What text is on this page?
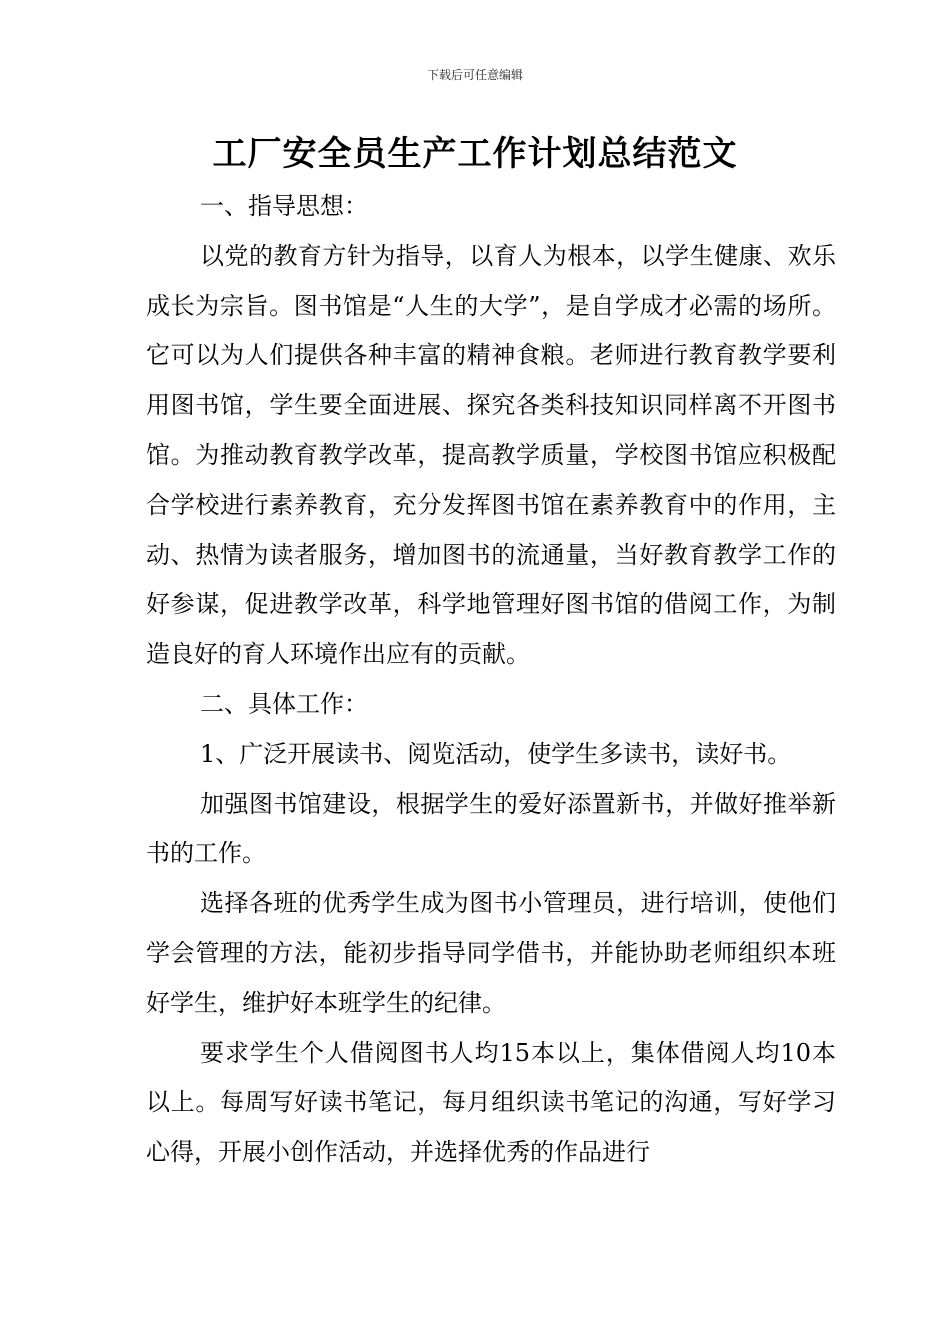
下载后可任意编辑
工厂安全员生产工作计划总结范文

一、指导思想：

以党的教育方针为指导，以育人为根本，以学生健康、欢乐成长为宗旨。图书馆是“人生的大学”，是自学成才必需的场所。它可以为人们提供各种丰富的精神食粮。老师进行教育教学要利用图书馆，学生要全面进展、探究各类科技知识同样离不开图书馆。为推动教育教学改革，提高教学质量，学校图书馆应积极配合学校进行素养教育，充分发挥图书馆在素养教育中的作用，主动、热情为读者服务，增加图书的流通量，当好教育教学工作的好参谋，促进教学改革，科学地管理好图书馆的借阅工作，为制造良好的育人环境作出应有的贡献。

二、具体工作：

1、广泛开展读书、阅览活动，使学生多读书，读好书。

加强图书馆建设，根据学生的爱好添置新书，并做好推举新书的工作。

选择各班的优秀学生成为图书小管理员，进行培训，使他们学会管理的方法，能初步指导同学借书，并能协助老师组织本班好学生，维护好本班学生的纪律。

要求学生个人借阅图书人均15本以上，集体借阅人均10本以上。每周写好读书笔记，每月组织读书笔记的沟通，写好学习心得，开展小创作活动，并选择优秀的作品进行
